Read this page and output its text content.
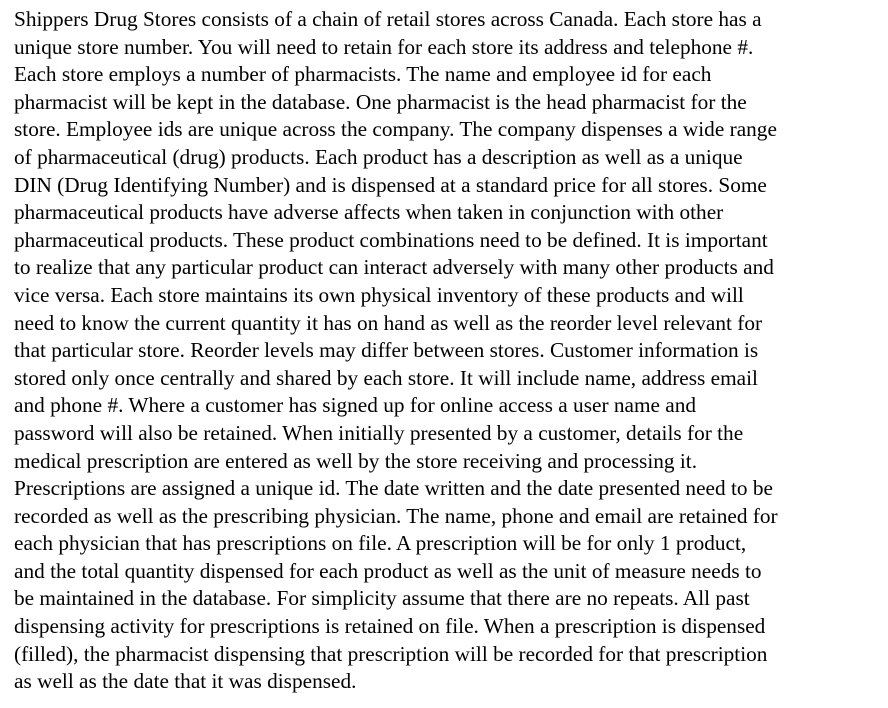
Shippers Drug Stores consists of a chain of retail stores across Canada. Each store has a
unique store number. You will need to retain for each store its address and telephone #.
Each store employs a number of pharmacists. The name and employee id for each
pharmacist will be kept in the database. One pharmacist is the head pharmacist for the
store. Employee ids are unique across the company. The company dispenses a wide range
of pharmaceutical (drug) products. Each product has a description as well as a unique
DIN (Drug Identifying Number) and is dispensed at a standard price for all stores. Some
pharmaceutical products have adverse affects when taken in conjunction with other
pharmaceutical products. These product combinations need to be defined. It is important
to realize that any particular product can interact adversely with many other products and
vice versa. Each store maintains its own physical inventory of these products and will
need to know the current quantity it has on hand as well as the reorder level relevant for
that particular store. Reorder levels may differ between stores. Customer information is
stored only once centrally and shared by each store. It will include name, address email
and phone #. Where a customer has signed up for online access a user name and
password will also be retained. When initially presented by a customer, details for the
medical prescription are entered as well by the store receiving and processing it.
Prescriptions are assigned a unique id. The date written and the date presented need to be
recorded as well as the prescribing physician. The name, phone and email are retained for
each physician that has prescriptions on file. A prescription will be for only 1 product,
and the total quantity dispensed for each product as well as the unit of measure needs to
be maintained in the database. For simplicity assume that there are no repeats. All past
dispensing activity for prescriptions is retained on file. When a prescription is dispensed
(filled), the pharmacist dispensing that prescription will be recorded for that prescription
as well as the date that it was dispensed.
